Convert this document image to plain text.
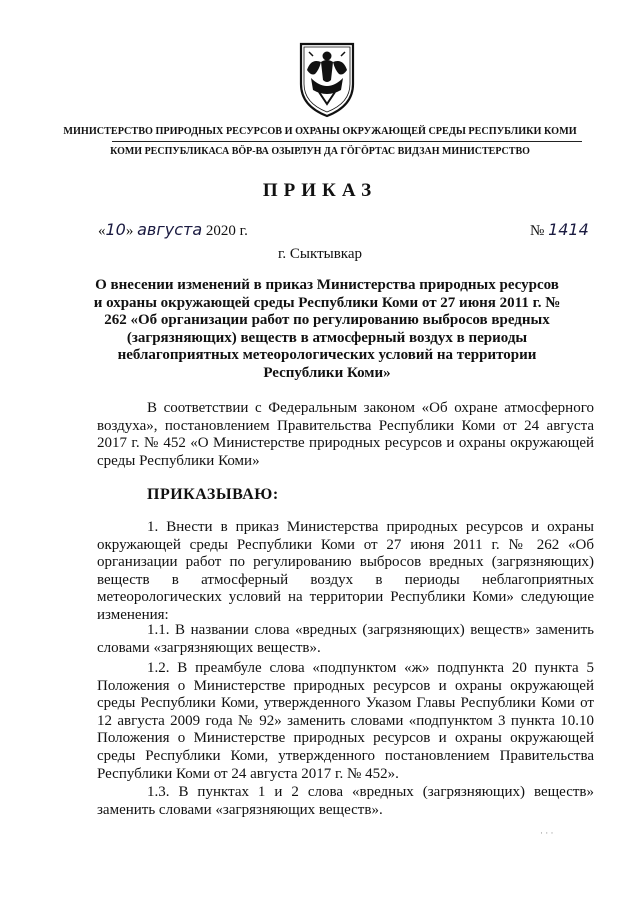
МИНИСТЕРСТВО ПРИРОДНЫХ РЕСУРСОВ И ОХРАНЫ ОКРУЖАЮЩЕЙ СРЕДЫ РЕСПУБЛИКИ КОМИ
КОМИ РЕСПУБЛИКАСА ВӦР-ВА ОЗЫРЛУН ДА ГӦГӦРТАС ВИДЗАН МИНИСТЕРСТВО
ПРИКАЗ
«10» августа 2020 г.	№ 1414
г. Сыктывкар
О внесении изменений в приказ Министерства природных ресурсов и охраны окружающей среды Республики Коми от 27 июня 2011 г. № 262 «Об организации работ по регулированию выбросов вредных (загрязняющих) веществ в атмосферный воздух в периоды неблагоприятных метеорологических условий на территории Республики Коми»
В соответствии с Федеральным законом «Об охране атмосферного воздуха», постановлением Правительства Республики Коми от 24 августа 2017 г. № 452 «О Министерстве природных ресурсов и охраны окружающей среды Республики Коми»
ПРИКАЗЫВАЮ:
1. Внести в приказ Министерства природных ресурсов и охраны окружающей среды Республики Коми от 27 июня 2011 г. № 262 «Об организации работ по регулированию выбросов вредных (загрязняющих) веществ в атмосферный воздух в периоды неблагоприятных метеорологических условий на территории Республики Коми» следующие изменения:
1.1. В названии слова «вредных (загрязняющих) веществ» заменить словами «загрязняющих веществ».
1.2. В преамбуле слова «подпунктом «ж» подпункта 20 пункта 5 Положения о Министерстве природных ресурсов и охраны окружающей среды Республики Коми, утвержденного Указом Главы Республики Коми от 12 августа 2009 года № 92» заменить словами «подпунктом 3 пункта 10.10 Положения о Министерстве природных ресурсов и охраны окружающей среды Республики Коми, утвержденного постановлением Правительства Республики Коми от 24 августа 2017 г. № 452».
1.3. В пунктах 1 и 2 слова «вредных (загрязняющих) веществ» заменить словами «загрязняющих веществ».
· · ·
